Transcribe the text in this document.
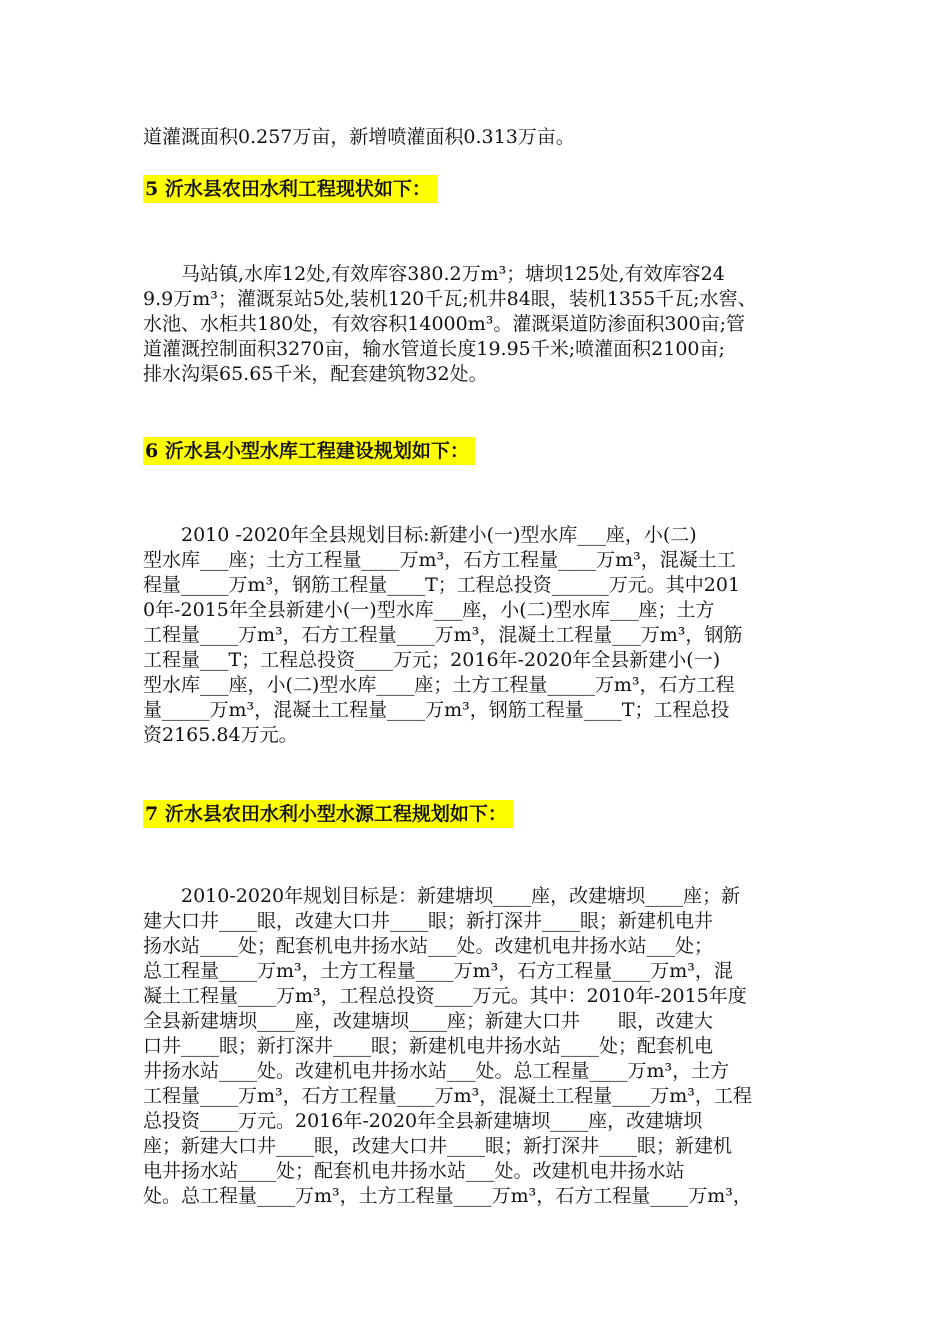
道灌溉面积0.257万亩，新增喷灌面积0.313万亩。
5 沂水县农田水利工程现状如下：
　　马站镇,水库12处,有效库容380.2万m³；塘坝125处,有效库容24
9.9万m³；灌溉泵站5处,装机120千瓦;机井84眼，装机1355千瓦;水窖、
水池、水柜共180处，有效容积14000m³。灌溉渠道防渗面积300亩;管
道灌溉控制面积3270亩，输水管道长度19.95千米;喷灌面积2100亩;
排水沟渠65.65千米，配套建筑物32处。
6 沂水县小型水库工程建设规划如下：
　　2010 -2020年全县规划目标:新建小(一)型水库___座，小(二)
型水库___座；土方工程量____万m³，石方工程量____万m³，混凝土工
程量_____万m³，钢筋工程量____T；工程总投资______万元。其中201
0年-2015年全县新建小(一)型水库___座，小(二)型水库___座；土方
工程量____万m³，石方工程量____万m³，混凝土工程量___万m³，钢筋
工程量___T；工程总投资____万元；2016年-2020年全县新建小(一)
型水库___座，小(二)型水库____座；土方工程量_____万m³，石方工程
量_____万m³，混凝土工程量____万m³，钢筋工程量____T；工程总投
资2165.84万元。
7 沂水县农田水利小型水源工程规划如下：
　　2010-2020年规划目标是：新建塘坝____座，改建塘坝____座；新
建大口井____眼，改建大口井____眼；新打深井____眼；新建机电井
扬水站____处；配套机电井扬水站___处。改建机电井扬水站___处；
总工程量____万m³，土方工程量____万m³，石方工程量____万m³，混
凝土工程量____万m³，工程总投资____万元。其中：2010年-2015年度
全县新建塘坝____座，改建塘坝____座；新建大口井　　眼，改建大
口井____眼；新打深井____眼；新建机电井扬水站____处；配套机电
井扬水站____处。改建机电井扬水站___处。总工程量____万m³，土方
工程量____万m³，石方工程量____万m³，混凝土工程量____万m³，工程
总投资____万元。2016年-2020年全县新建塘坝____座，改建塘坝
座；新建大口井____眼，改建大口井____眼；新打深井____眼；新建机
电井扬水站____处；配套机电井扬水站___处。改建机电井扬水站
处。总工程量____万m³，土方工程量____万m³，石方工程量____万m³，
